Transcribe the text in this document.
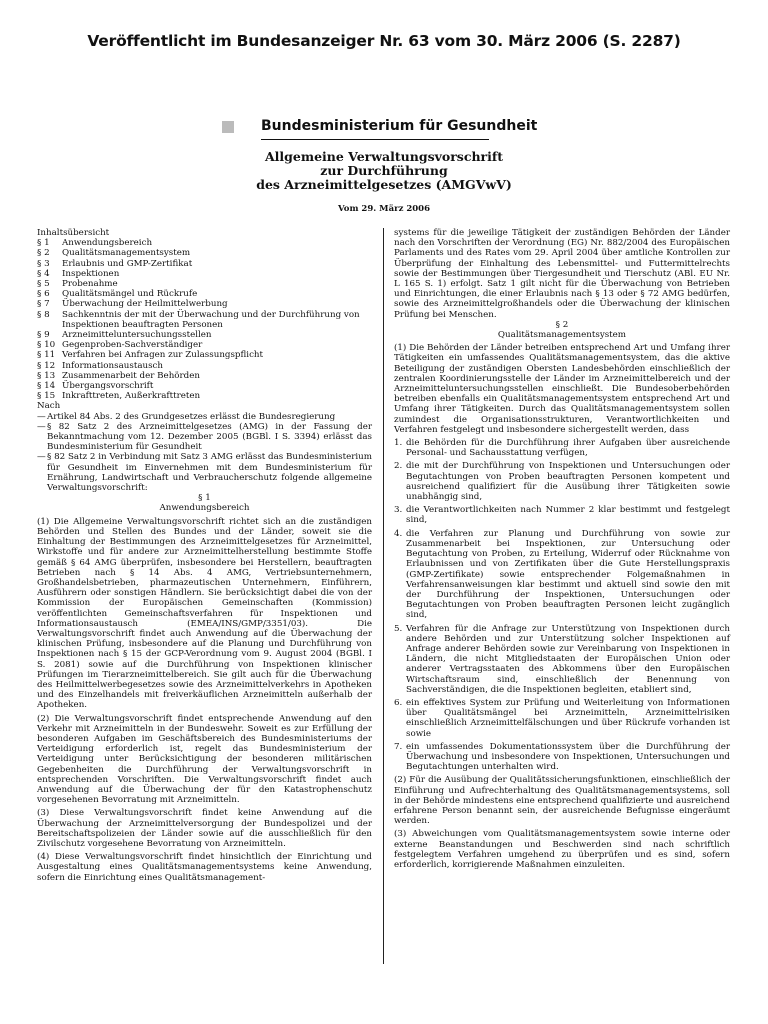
Veröffentlicht im Bundesanzeiger Nr. 63 vom 30. März 2006 (S. 2287)
Bundesministerium für Gesundheit
Allgemeine Verwaltungsvorschrift
zur Durchführung
des Arzneimittelgesetzes (AMGVwV)
Vom 29. März 2006
Inhaltsübersicht
§ 1	Anwendungsbereich
§ 2	Qualitätsmanagementsystem
§ 3	Erlaubnis und GMP-Zertifikat
§ 4	Inspektionen
§ 5	Probenahme
§ 6	Qualitätsmängel und Rückrufe
§ 7	Überwachung der Heilmittelwerbung
§ 8	Sachkenntnis der mit der Überwachung und der Durchführung von Inspektionen beauftragten Personen
§ 9	Arzneimitteluntersuchungsstellen
§ 10 Gegenproben-Sachverständiger
§ 11 Verfahren bei Anfragen zur Zulassungspflicht
§ 12 Informationsaustausch
§ 13 Zusammenarbeit der Behörden
§ 14 Übergangsvorschrift
§ 15 Inkrafttreten, Außerkrafttreten
Nach
— Artikel 84 Abs. 2 des Grundgesetzes erlässt die Bundesregierung
— § 82 Satz 2 des Arzneimittelgesetzes (AMG) in der Fassung der Bekanntmachung vom 12. Dezember 2005 (BGBl. I S. 3394) erlässt das Bundesministerium für Gesundheit
— § 82 Satz 2 in Verbindung mit Satz 3 AMG erlässt das Bundesministerium für Gesundheit im Einvernehmen mit dem Bundesministerium für Ernährung, Landwirtschaft und Verbraucherschutz folgende allgemeine Verwaltungsvorschrift:
§ 1
Anwendungsbereich

(1) Die Allgemeine Verwaltungsvorschrift richtet sich an die zuständigen Behörden und Stellen des Bundes und der Länder, soweit sie die Einhaltung der Bestimmungen des Arzneimittelgesetzes für Arzneimittel, Wirkstoffe und für andere zur Arzneimittelherstellung bestimmte Stoffe gemäß § 64 AMG überprüfen, insbesondere bei Herstellern, beauftragten Betrieben nach § 14 Abs. 4 AMG, Vertriebsunternehmern, Großhandelsbetrieben, pharmazeutischen Unternehmern, Einführern, Ausführern oder sonstigen Händlern. Sie berücksichtigt dabei die von der Kommission der Europäischen Gemeinschaften (Kommission) veröffentlichten Gemeinschaftsverfahren für Inspektionen und Informationsaustausch (EMEA/INS/GMP/3351/03). Die Verwaltungsvorschrift findet auch Anwendung auf die Überwachung der klinischen Prüfung, insbesondere auf die Planung und Durchführung von Inspektionen nach § 15 der GCP-Verordnung vom 9. August 2004 (BGBl. I S. 2081) sowie auf die Durchführung von Inspektionen klinischer Prüfungen im Tierarzneimittelbereich. Sie gilt auch für die Überwachung des Heilmittelwerbegesetzes sowie des Arzneimittelverkehrs in Apotheken und des Einzelhandels mit freiverkäuflichen Arzneimitteln außerhalb der Apotheken.

(2) Die Verwaltungsvorschrift findet entsprechende Anwendung auf den Verkehr mit Arzneimitteln in der Bundeswehr. Soweit es zur Erfüllung der besonderen Aufgaben im Geschäftsbereich des Bundesministeriums der Verteidigung erforderlich ist, regelt das Bundesministerium der Verteidigung unter Berücksichtigung der besonderen militärischen Gegebenheiten die Durchführung der Verwaltungsvorschrift in entsprechenden Vorschriften. Die Verwaltungsvorschrift findet auch Anwendung auf die Überwachung der für den Katastrophenschutz vorgesehenen Bevorratung mit Arzneimitteln.

(3) Diese Verwaltungsvorschrift findet keine Anwendung auf die Überwachung der Arzneimittelversorgung der Bundespolizei und der Bereitschaftspolizeien der Länder sowie auf die ausschließlich für den Zivilschutz vorgesehene Bevorratung von Arzneimitteln.

(4) Diese Verwaltungsvorschrift findet hinsichtlich der Einrichtung und Ausgestaltung eines Qualitätsmanagementsystems keine Anwendung, sofern die Einrichtung eines Qualitätsmanagement-

systems für die jeweilige Tätigkeit der zuständigen Behörden der Länder nach den Vorschriften der Verordnung (EG) Nr. 882/2004 des Europäischen Parlaments und des Rates vom 29. April 2004 über amtliche Kontrollen zur Überprüfung der Einhaltung des Lebensmittel- und Futtermittelrechts sowie der Bestimmungen über Tiergesundheit und Tierschutz (ABl. EU Nr. L 165 S. 1) erfolgt. Satz 1 gilt nicht für die Überwachung von Betrieben und Einrichtungen, die einer Erlaubnis nach § 13 oder § 72 AMG bedürfen, sowie des Arzneimittelgroßhandels oder die Überwachung der klinischen Prüfung bei Menschen.

§ 2
Qualitätsmanagementsystem

(1) Die Behörden der Länder betreiben entsprechend Art und Umfang ihrer Tätigkeiten ein umfassendes Qualitätsmanagementsystem, das die aktive Beteiligung der zuständigen Obersten Landesbehörden einschließlich der zentralen Koordinierungsstelle der Länder im Arzneimittelbereich und der Arzneimitteluntersuchungsstellen einschließt. Die Bundesoberbehörden betreiben ebenfalls ein Qualitätsmanagementsystem entsprechend Art und Umfang ihrer Tätigkeiten. Durch das Qualitätsmanagementsystem sollen zumindest die Organisationsstrukturen, Verantwortlichkeiten und Verfahren festgelegt und insbesondere sichergestellt werden, dass

1. die Behörden für die Durchführung ihrer Aufgaben über ausreichende Personal- und Sachausstattung verfügen,
2. die mit der Durchführung von Inspektionen und Untersuchungen oder Begutachtungen von Proben beauftragten Personen kompetent und ausreichend qualifiziert für die Ausübung ihrer Tätigkeiten sowie unabhängig sind,
3. die Verantwortlichkeiten nach Nummer 2 klar bestimmt und festgelegt sind,
4. die Verfahren zur Planung und Durchführung von sowie zur Zusammenarbeit bei Inspektionen, zur Untersuchung oder Begutachtung von Proben, zu Erteilung, Widerruf oder Rücknahme von Erlaubnissen und von Zertifikaten über die Gute Herstellungspraxis (GMP-Zertifikate) sowie entsprechender Folgemaßnahmen in Verfahrensanweisungen klar bestimmt und aktuell sind sowie den mit der Durchführung der Inspektionen, Untersuchungen oder Begutachtungen von Proben beauftragten Personen leicht zugänglich sind,
5. Verfahren für die Anfrage zur Unterstützung von Inspektionen durch andere Behörden und zur Unterstützung solcher Inspektionen auf Anfrage anderer Behörden sowie zur Vereinbarung von Inspektionen in Ländern, die nicht Mitgliedstaaten der Europäischen Union oder anderer Vertragsstaaten des Abkommens über den Europäischen Wirtschaftsraum sind, einschließlich der Benennung von Sachverständigen, die die Inspektionen begleiten, etabliert sind,
6. ein effektives System zur Prüfung und Weiterleitung von Informationen über Qualitätsmängel bei Arzneimitteln, Arzneimittelrisiken einschließlich Arzneimittelfälschungen und über Rückrufe vorhanden ist sowie
7. ein umfassendes Dokumentationssystem über die Durchführung der Überwachung und insbesondere von Inspektionen, Untersuchungen und Begutachtungen unterhalten wird.

(2) Für die Ausübung der Qualitätssicherungsfunktionen, einschließlich der Einführung und Aufrechterhaltung des Qualitätsmanagementsystems, soll in der Behörde mindestens eine entsprechend qualifizierte und ausreichend erfahrene Person benannt sein, der ausreichende Befugnisse eingeräumt werden.

(3) Abweichungen vom Qualitätsmanagementsystem sowie interne oder externe Beanstandungen und Beschwerden sind nach schriftlich festgelegtem Verfahren umgehend zu überprüfen und es sind, sofern erforderlich, korrigierende Maßnahmen einzuleiten.
